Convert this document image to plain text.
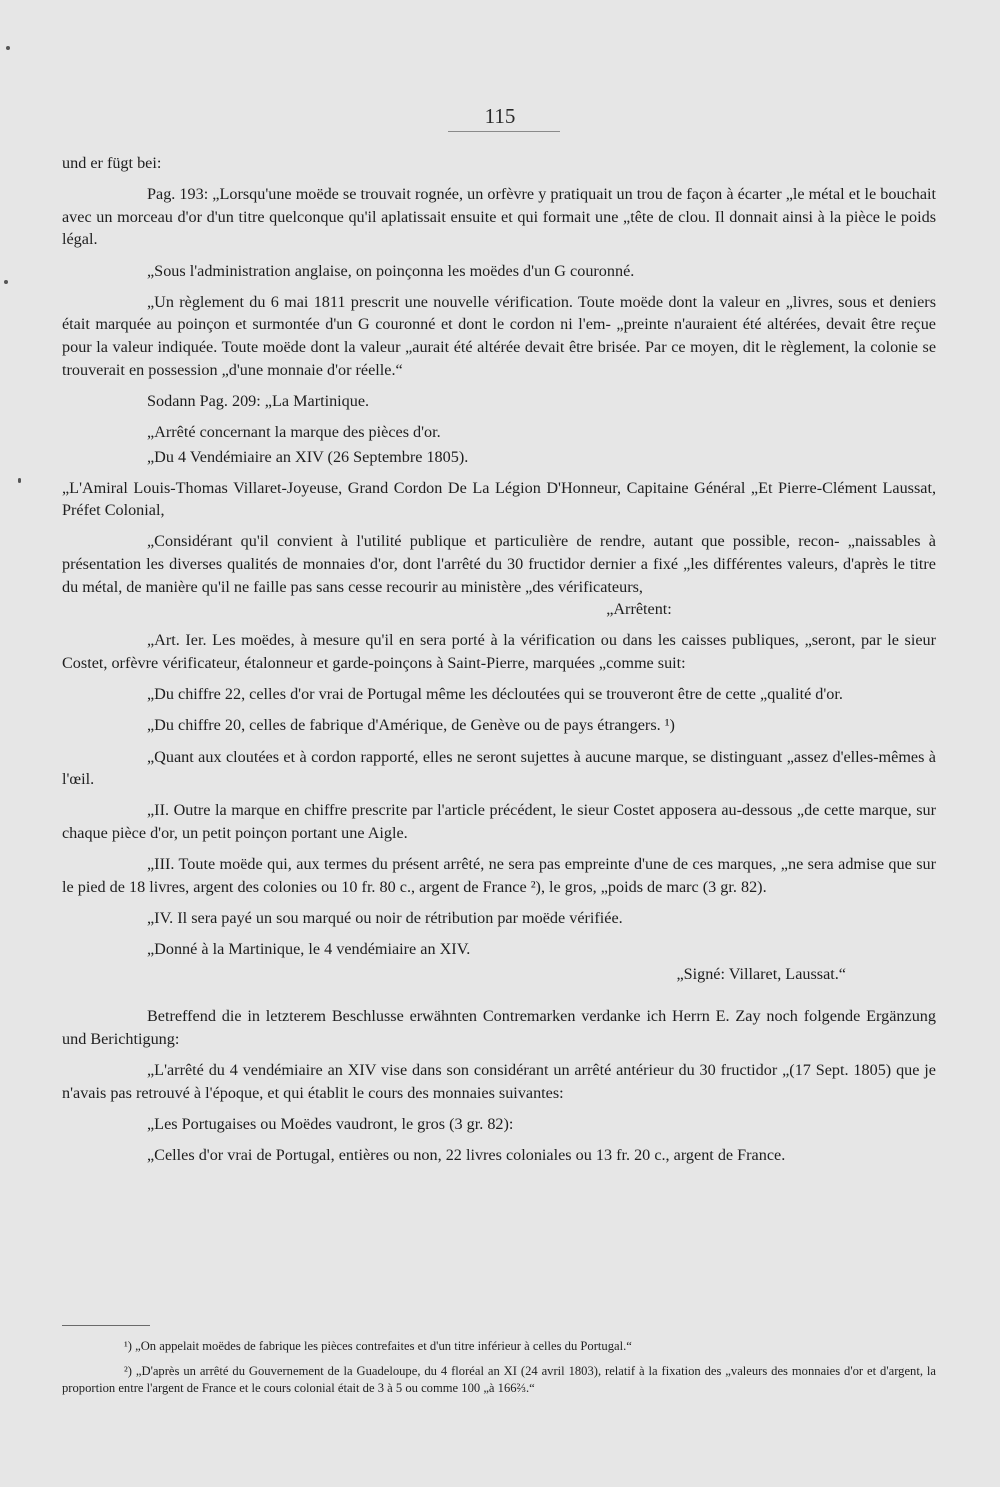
115

und er fügt bei:

Pag. 193: „Lorsqu'une moëde se trouvait rognée, un orfèvre y pratiquait un trou de façon à écarter „le métal et le bouchait avec un morceau d'or d'un titre quelconque qu'il aplatissait ensuite et qui formait une „tête de clou. Il donnait ainsi à la pièce le poids légal.

„Sous l'administration anglaise, on poinçonna les moëdes d'un G couronné.

„Un règlement du 6 mai 1811 prescrit une nouvelle vérification. Toute moëde dont la valeur en „livres, sous et deniers était marquée au poinçon et surmontée d'un G couronné et dont le cordon ni l'em- „preinte n'auraient été altérées, devait être reçue pour la valeur indiquée. Toute moëde dont la valeur „aurait été altérée devait être brisée. Par ce moyen, dit le règlement, la colonie se trouverait en possession „d'une monnaie d'or réelle.“

Sodann Pag. 209: „La Martinique.

„Arrêté concernant la marque des pièces d'or.

„Du 4 Vendémiaire an XIV (26 Septembre 1805).

„L'Amiral Louis-Thomas Villaret-Joyeuse, Grand Cordon De La Légion D'Honneur, Capitaine Général „Et Pierre-Clément Laussat, Préfet Colonial,

„Considérant qu'il convient à l'utilité publique et particulière de rendre, autant que possible, recon- „naissables à présentation les diverses qualités de monnaies d'or, dont l'arrêté du 30 fructidor dernier a fixé „les différentes valeurs, d'après le titre du métal, de manière qu'il ne faille pas sans cesse recourir au ministère „des vérificateurs,

„Arrêtent:

„Art. Ier. Les moëdes, à mesure qu'il en sera porté à la vérification ou dans les caisses publiques, „seront, par le sieur Costet, orfèvre vérificateur, étalonneur et garde-poinçons à Saint-Pierre, marquées „comme suit:

„Du chiffre 22, celles d'or vrai de Portugal même les décloutées qui se trouveront être de cette „qualité d'or.

„Du chiffre 20, celles de fabrique d'Amérique, de Genève ou de pays étrangers. ¹)

„Quant aux cloutées et à cordon rapporté, elles ne seront sujettes à aucune marque, se distinguant „assez d'elles-mêmes à l'œil.

„II. Outre la marque en chiffre prescrite par l'article précédent, le sieur Costet apposera au-dessous „de cette marque, sur chaque pièce d'or, un petit poinçon portant une Aigle.

„III. Toute moëde qui, aux termes du présent arrêté, ne sera pas empreinte d'une de ces marques, „ne sera admise que sur le pied de 18 livres, argent des colonies ou 10 fr. 80 c., argent de France ²), le gros, „poids de marc (3 gr. 82).

„IV. Il sera payé un sou marqué ou noir de rétribution par moëde vérifiée.

„Donné à la Martinique, le 4 vendémiaire an XIV.

„Signé: Villaret, Laussat.“

Betreffend die in letzterem Beschlusse erwähnten Contremarken verdanke ich Herrn E. Zay noch folgende Ergänzung und Berichtigung:

„L'arrêté du 4 vendémiaire an XIV vise dans son considérant un arrêté antérieur du 30 fructidor „(17 Sept. 1805) que je n'avais pas retrouvé à l'époque, et qui établit le cours des monnaies suivantes:

„Les Portugaises ou Moëdes vaudront, le gros (3 gr. 82):

„Celles d'or vrai de Portugal, entières ou non, 22 livres coloniales ou 13 fr. 20 c., argent de France.

¹) „On appelait moëdes de fabrique les pièces contrefaites et d'un titre inférieur à celles du Portugal.“

²) „D'après un arrêté du Gouvernement de la Guadeloupe, du 4 floréal an XI (24 avril 1803), relatif à la fixation des „valeurs des monnaies d'or et d'argent, la proportion entre l'argent de France et le cours colonial était de 3 à 5 ou comme 100 „à 166⅔.“
